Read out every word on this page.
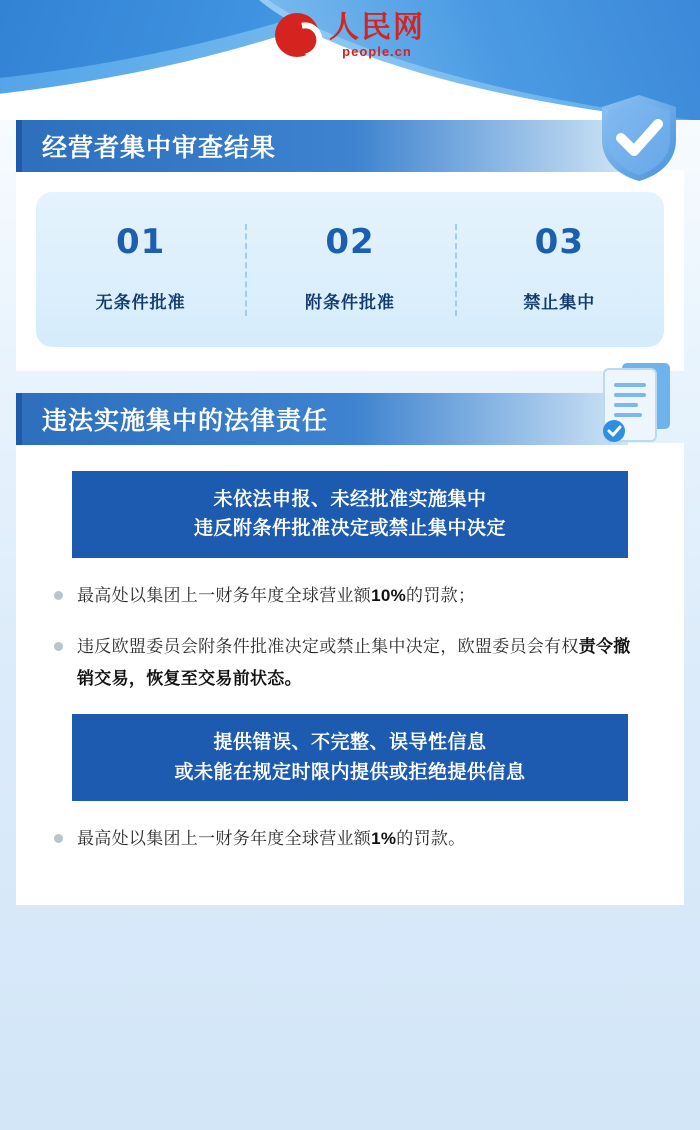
人民网
people.cn
经营者集中审查结果
01
无条件批准
02
附条件批准
03
禁止集中
违法实施集中的法律责任
未依法申报、未经批准实施集中
违反附条件批准决定或禁止集中决定
最高处以集团上一财务年度全球营业额10%的罚款；
违反欧盟委员会附条件批准决定或禁止集中决定，欧盟委员会有权责令撤销交易，恢复至交易前状态。
提供错误、不完整、误导性信息
或未能在规定时限内提供或拒绝提供信息
最高处以集团上一财务年度全球营业额1%的罚款。
